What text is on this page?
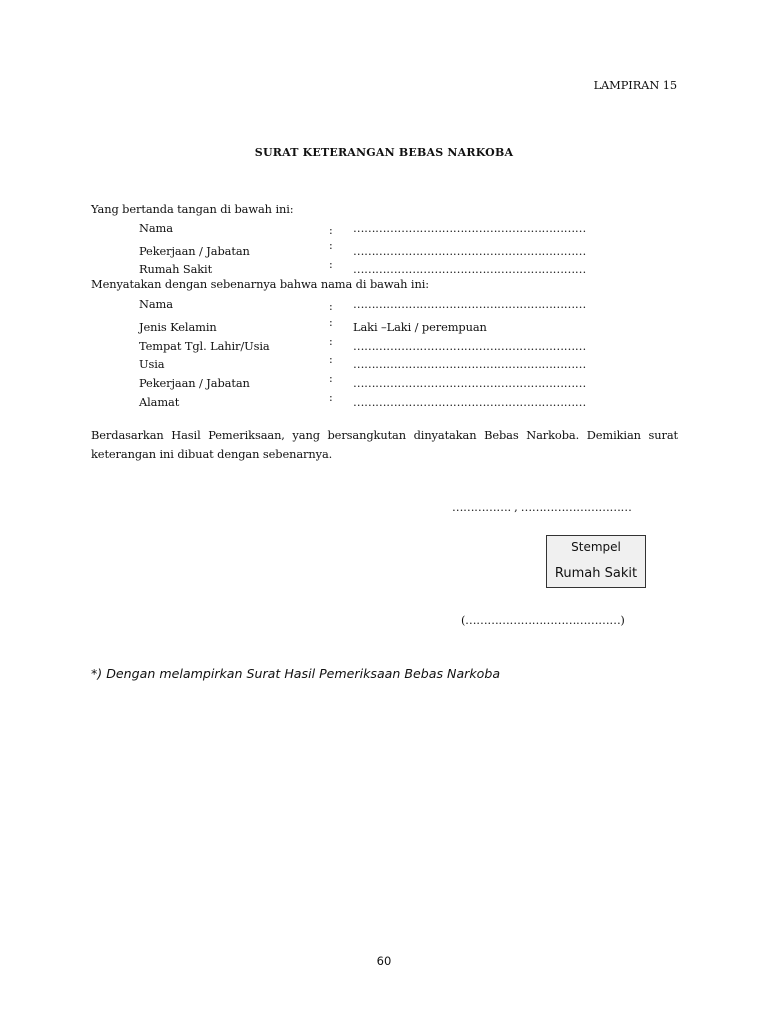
LAMPIRAN 15
SURAT KETERANGAN BEBAS NARKOBA
Yang bertanda tangan di bawah ini:
Nama	: ………………………………………………………
Pekerjaan / Jabatan	: ………………………………………………………
Rumah Sakit	: ………………………………………………………
Menyatakan dengan sebenarnya bahwa nama di bawah ini:
Nama	: ………………………………………………………
Jenis Kelamin	: Laki –Laki / perempuan
Tempat Tgl. Lahir/Usia	: ………………………………………………………
Usia	: ………………………………………………………
Pekerjaan / Jabatan	: ………………………………………………………
Alamat	: ………………………………………………………
Berdasarkan Hasil Pemeriksaan, yang bersangkutan dinyatakan Bebas Narkoba. Demikian surat keterangan ini dibuat dengan sebenarnya.
……………. , …………………………
Stempel
Rumah Sakit
(……………………………………)
*) Dengan melampirkan Surat Hasil Pemeriksaan Bebas Narkoba
60
